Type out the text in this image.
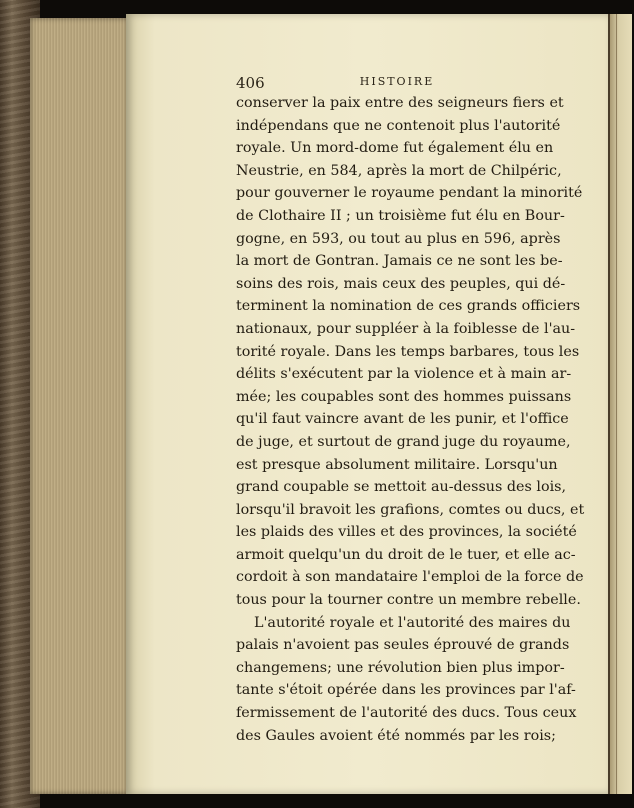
406	HISTOIRE
conserver la paix entre des seigneurs fiers et
indépendans que ne contenoit plus l'autorité
royale. Un mord-dome fut également élu en
Neustrie, en 584, après la mort de Chilpéric,
pour gouverner le royaume pendant la minorité
de Clothaire II ; un troisième fut élu en Bour-
gogne, en 593, ou tout au plus en 596, après
la mort de Gontran. Jamais ce ne sont les be-
soins des rois, mais ceux des peuples, qui dé-
terminent la nomination de ces grands officiers
nationaux, pour suppléer à la foiblesse de l'au-
torité royale. Dans les temps barbares, tous les
délits s'exécutent par la violence et à main ar-
mée; les coupables sont des hommes puissans
qu'il faut vaincre avant de les punir, et l'office
de juge, et surtout de grand juge du royaume,
est presque absolument militaire. Lorsqu'un
grand coupable se mettoit au-dessus des lois,
lorsqu'il bravoit les grafions, comtes ou ducs, et
les plaids des villes et des provinces, la société
armoit quelqu'un du droit de le tuer, et elle ac-
cordoit à son mandataire l'emploi de la force de
tous pour la tourner contre un membre rebelle.
L'autorité royale et l'autorité des maires du
palais n'avoient pas seules éprouvé de grands
changemens; une révolution bien plus impor-
tante s'étoit opérée dans les provinces par l'af-
fermissement de l'autorité des ducs. Tous ceux
des Gaules avoient été nommés par les rois;
